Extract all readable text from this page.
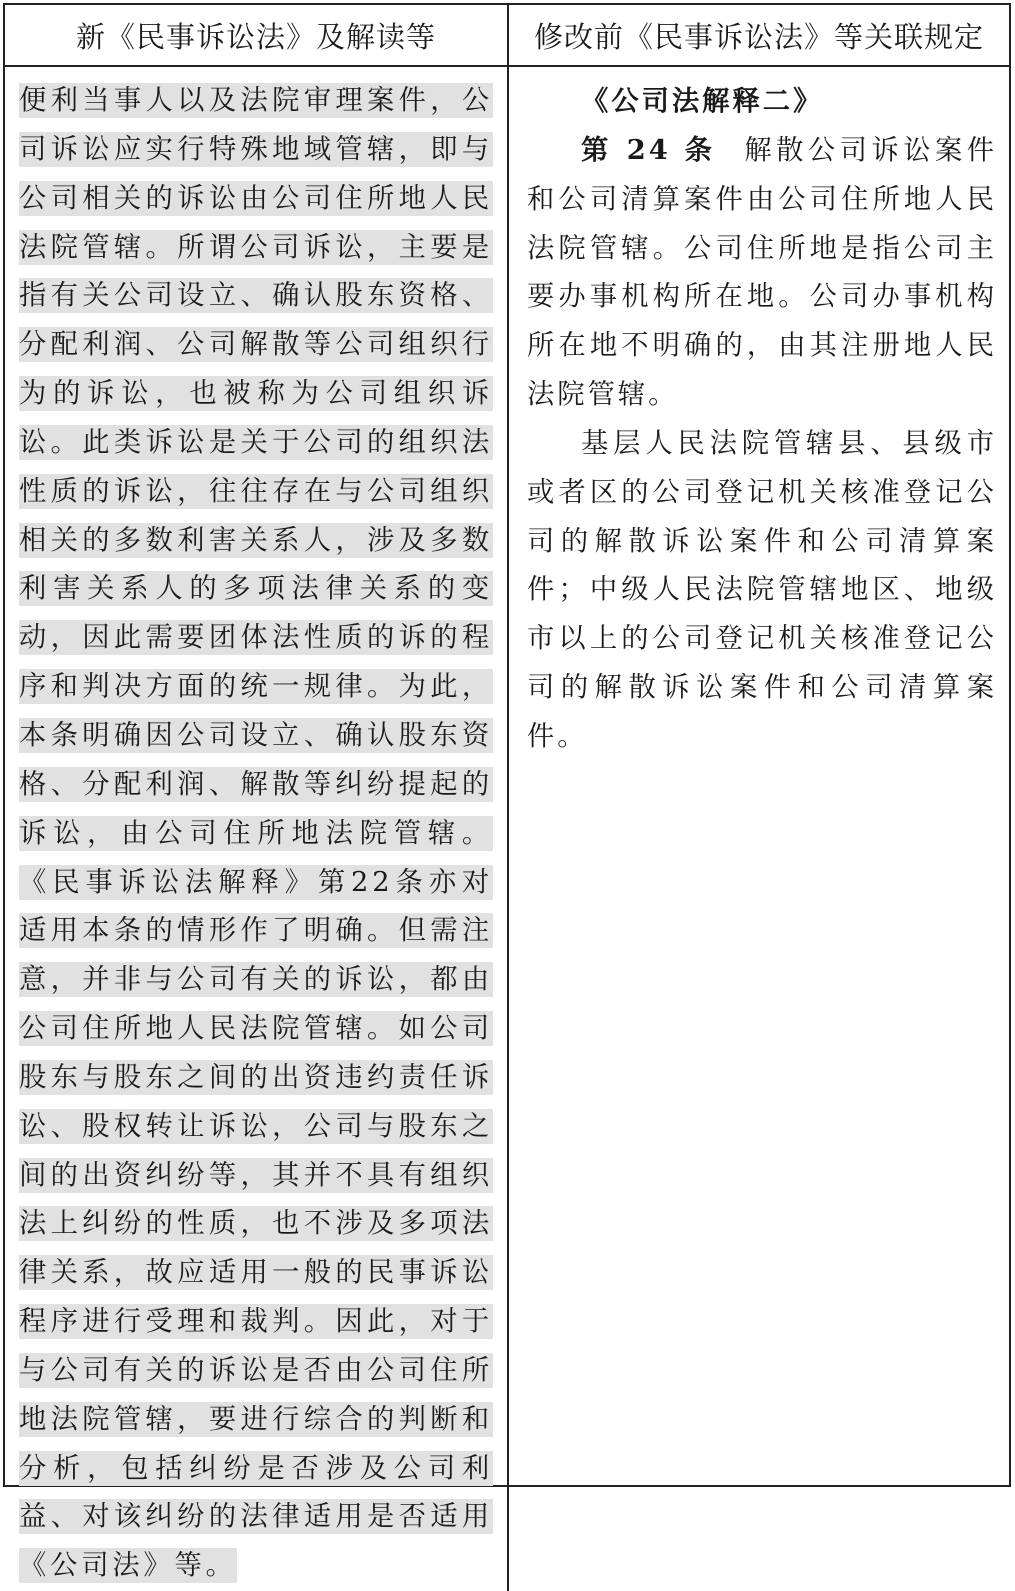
新《民事诉讼法》及解读等	修改前《民事诉讼法》等关联规定

便利当事人以及法院审理案件，公司诉讼应实行特殊地域管辖，即与公司相关的诉讼由公司住所地人民法院管辖。所谓公司诉讼，主要是指有关公司设立、确认股东资格、分配利润、公司解散等公司组织行为的诉讼，也被称为公司组织诉讼。此类诉讼是关于公司的组织法性质的诉讼，往往存在与公司组织相关的多数利害关系人，涉及多数利害关系人的多项法律关系的变动，因此需要团体法性质的诉的程序和判决方面的统一规律。为此，本条明确因公司设立、确认股东资格、分配利润、解散等纠纷提起的诉讼，由公司住所地法院管辖。《民事诉讼法解释》第22条亦对适用本条的情形作了明确。但需注意，并非与公司有关的诉讼，都由公司住所地人民法院管辖。如公司股东与股东之间的出资违约责任诉讼、股权转让诉讼，公司与股东之间的出资纠纷等，其并不具有组织法上纠纷的性质，也不涉及多项法律关系，故应适用一般的民事诉讼程序进行受理和裁判。因此，对于与公司有关的诉讼是否由公司住所地法院管辖，要进行综合的判断和分析，包括纠纷是否涉及公司利益、对该纠纷的法律适用是否适用《公司法》等。

《公司法解释二》

第 24 条 解散公司诉讼案件和公司清算案件由公司住所地人民法院管辖。公司住所地是指公司主要办事机构所在地。公司办事机构所在地不明确的，由其注册地人民法院管辖。

基层人民法院管辖县、县级市或者区的公司登记机关核准登记公司的解散诉讼案件和公司清算案件；中级人民法院管辖地区、地级市以上的公司登记机关核准登记公司的解散诉讼案件和公司清算案件。
